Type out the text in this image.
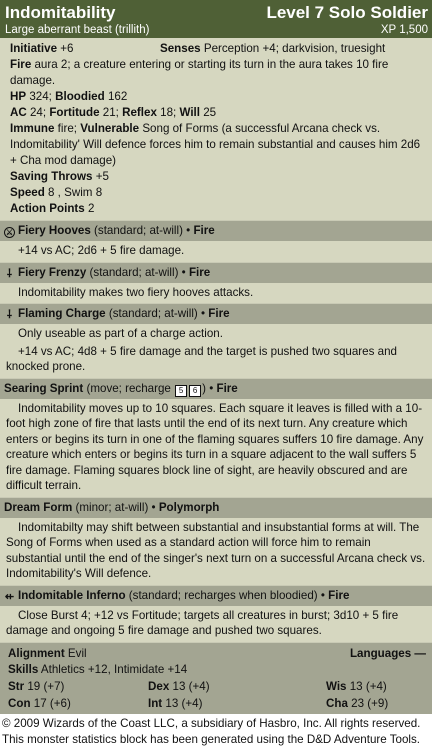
Indomitability	Level 7 Solo Soldier
Large aberrant beast (trillith)	XP 1,500
Initiative +6	Senses Perception +4; darkvision, truesight
Fire aura 2; a creature entering or starting its turn in the aura takes 10 fire damage.
HP 324; Bloodied 162
AC 24; Fortitude 21; Reflex 18; Will 25
Immune fire; Vulnerable Song of Forms (a successful Arcana check vs. Indomitability' Will defence forces him to remain substantial and causes him 2d6 + Cha mod damage)
Saving Throws +5
Speed 8 , Swim 8
Action Points 2
⚔ Fiery Hooves (standard; at-will) • Fire

+14 vs AC; 2d6 + 5 fire damage.

⸸ Fiery Frenzy (standard; at-will) • Fire

Indomitability makes two fiery hooves attacks.

⸸ Flaming Charge (standard; at-will) • Fire

Only useable as part of a charge action.

+14 vs AC; 4d8 + 5 fire damage and the target is pushed two squares and knocked prone.

Searing Sprint (move; recharge 5 6 ) • Fire

Indomitability moves up to 10 squares. Each square it leaves is filled with a 10-foot high zone of fire that lasts until the end of its next turn. Any creature which enters or begins its turn in one of the flaming squares suffers 10 fire damage. Any creature which enters or begins its turn in a square adjacent to the wall suffers 5 fire damage. Flaming squares block line of sight, are heavily obscured and are difficult terrain.

Dream Form (minor; at-will) • Polymorph

Indomitabilty may shift between substantial and insubstantial forms at will. The Song of Forms when used as a standard action will force him to remain substantial until the end of the singer's next turn on a successful Arcana check vs. Indomitability's Will defence.

⇷ Indomitable Inferno (standard; recharges when bloodied) • Fire

Close Burst 4; +12 vs Fortitude; targets all creatures in burst; 3d10 + 5 fire damage and ongoing 5 fire damage and pushed two squares.

Alignment Evil	Languages —
Skills Athletics +12, Intimidate +14
Str 19 (+7)	Dex 13 (+4)	Wis 13 (+4)
Con 17 (+6)	Int 13 (+4)	Cha 23 (+9)
© 2009 Wizards of the Coast LLC, a subsidiary of Hasbro, Inc. All rights reserved.
This monster statistics block has been generated using the D&D Adventure Tools.
